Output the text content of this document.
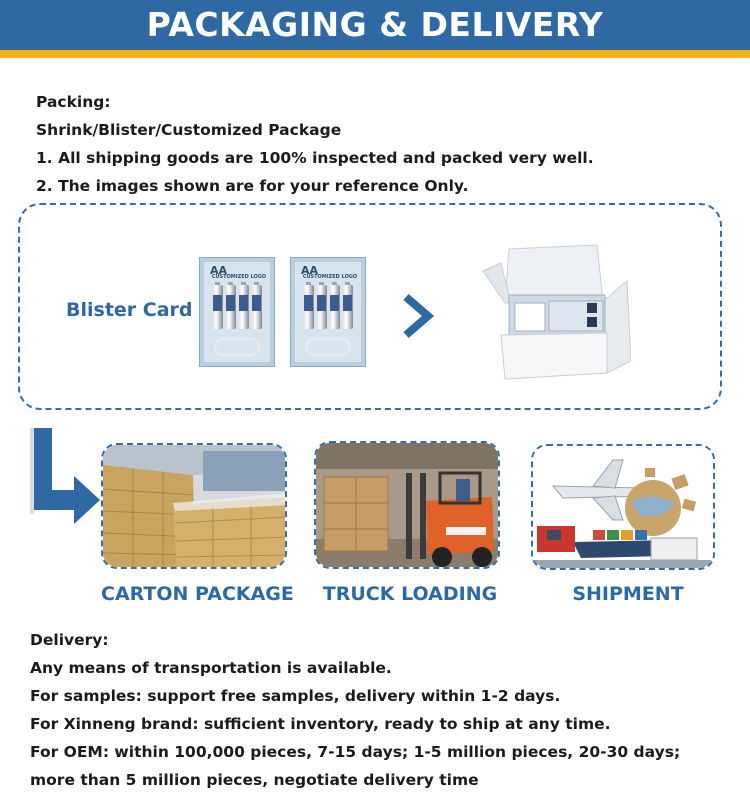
PACKAGING & DELIVERY
Packing:
Shrink/Blister/Customized Package
1. All shipping goods are 100% inspected and packed very well.
2. The images shown are for your reference Only.
Blister Card
AA
CUSTOMIZED LOGO	AA
CUSTOMIZED LOGO
CARTON PACKAGE	TRUCK LOADING	SHIPMENT
Delivery:
Any means of transportation is available.
For samples: support free samples, delivery within 1-2 days.
For Xinneng brand: sufficient inventory, ready to ship at any time.
For OEM: within 100,000 pieces, 7-15 days; 1-5 million pieces, 20-30 days;
more than 5 million pieces, negotiate delivery time
